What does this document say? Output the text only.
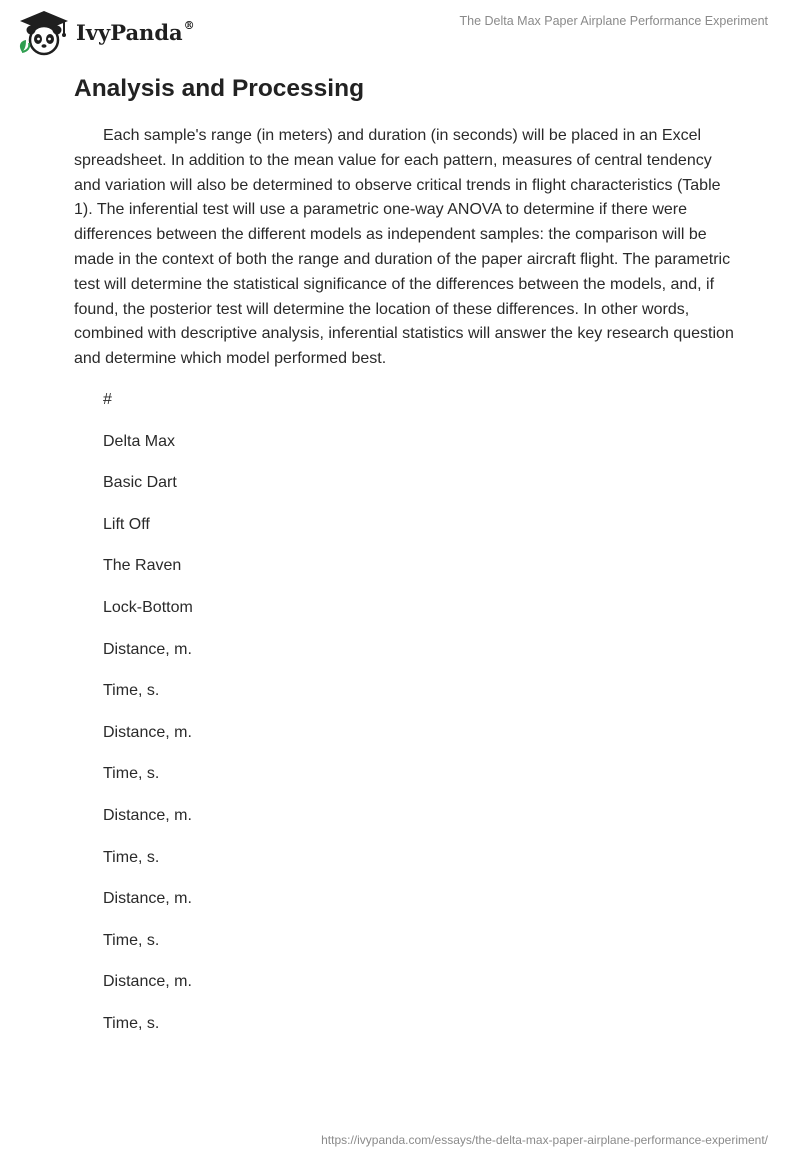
IvyPanda®	The Delta Max Paper Airplane Performance Experiment
Analysis and Processing

Each sample's range (in meters) and duration (in seconds) will be placed in an Excel spreadsheet. In addition to the mean value for each pattern, measures of central tendency and variation will also be determined to observe critical trends in flight characteristics (Table 1). The inferential test will use a parametric one-way ANOVA to determine if there were differences between the different models as independent samples: the comparison will be made in the context of both the range and duration of the paper aircraft flight. The parametric test will determine the statistical significance of the differences between the models, and, if found, the posterior test will determine the location of these differences. In other words, combined with descriptive analysis, inferential statistics will answer the key research question and determine which model performed best.

#
Delta Max
Basic Dart
Lift Off
The Raven
Lock-Bottom
Distance, m.
Time, s.
Distance, m.
Time, s.
Distance, m.
Time, s.
Distance, m.
Time, s.
Distance, m.
Time, s.
https://ivypanda.com/essays/the-delta-max-paper-airplane-performance-experiment/
